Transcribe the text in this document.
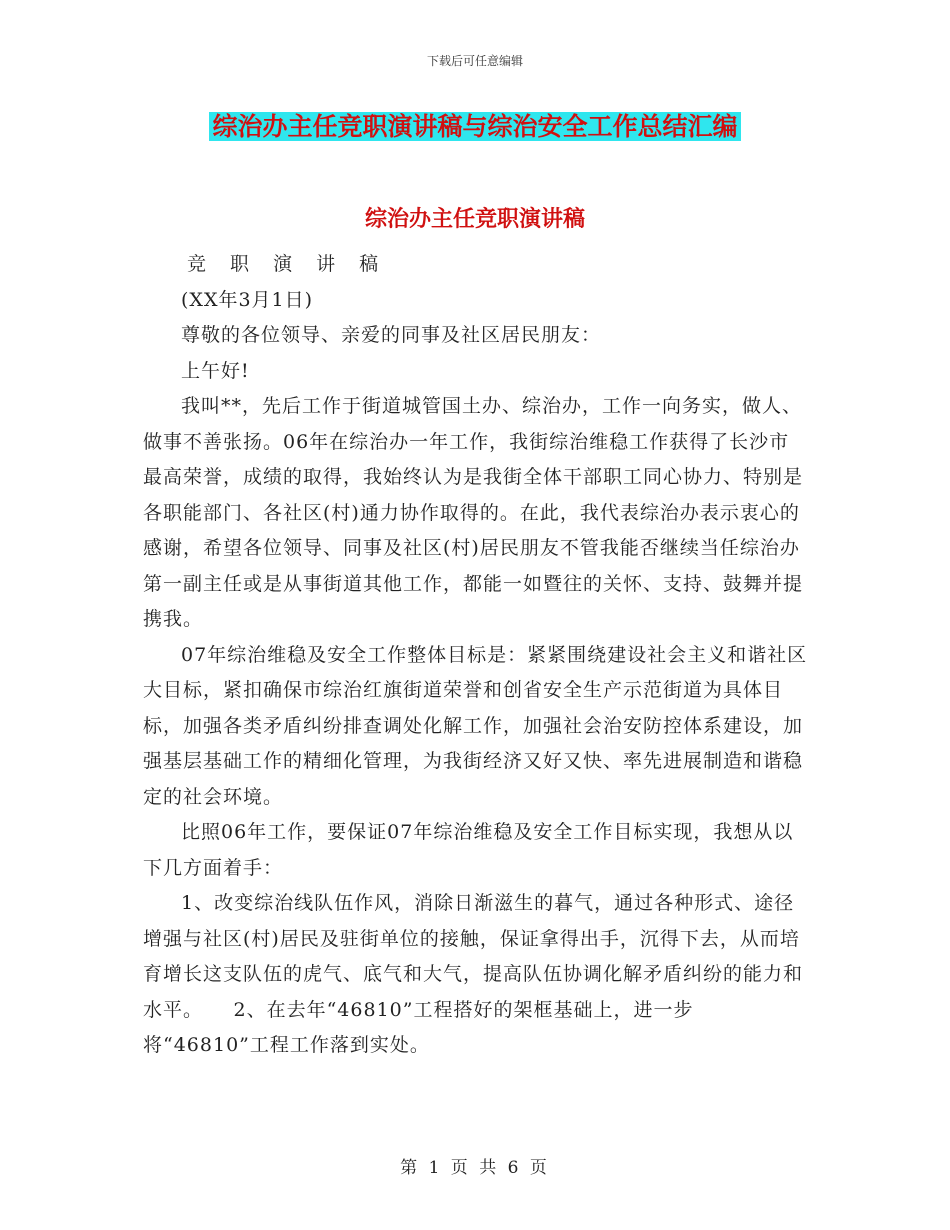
下载后可任意编辑
综治办主任竞职演讲稿与综治安全工作总结汇编
综治办主任竞职演讲稿

竞 职 演 讲 稿

(XX年3月1日)

尊敬的各位领导、亲爱的同事及社区居民朋友：

上午好!

我叫**，先后工作于街道城管国土办、综治办，工作一向务实，做人、做事不善张扬。06年在综治办一年工作，我街综治维稳工作获得了长沙市最高荣誉，成绩的取得，我始终认为是我街全体干部职工同心协力、特别是各职能部门、各社区(村)通力协作取得的。在此，我代表综治办表示衷心的感谢，希望各位领导、同事及社区(村)居民朋友不管我能否继续当任综治办第一副主任或是从事街道其他工作，都能一如暨往的关怀、支持、鼓舞并提携我。

07年综治维稳及安全工作整体目标是：紧紧围绕建设社会主义和谐社区大目标，紧扣确保市综治红旗街道荣誉和创省安全生产示范街道为具体目标，加强各类矛盾纠纷排查调处化解工作，加强社会治安防控体系建设，加强基层基础工作的精细化管理，为我街经济又好又快、率先进展制造和谐稳定的社会环境。

比照06年工作，要保证07年综治维稳及安全工作目标实现，我想从以下几方面着手：

1、改变综治线队伍作风，消除日渐滋生的暮气，通过各种形式、途径增强与社区(村)居民及驻街单位的接触，保证拿得出手，沉得下去，从而培育增长这支队伍的虎气、底气和大气，提高队伍协调化解矛盾纠纷的能力和水平。　　2、在去年“46810”工程搭好的架框基础上，进一步将“46810”工程工作落到实处。

第 1 页 共 6 页
